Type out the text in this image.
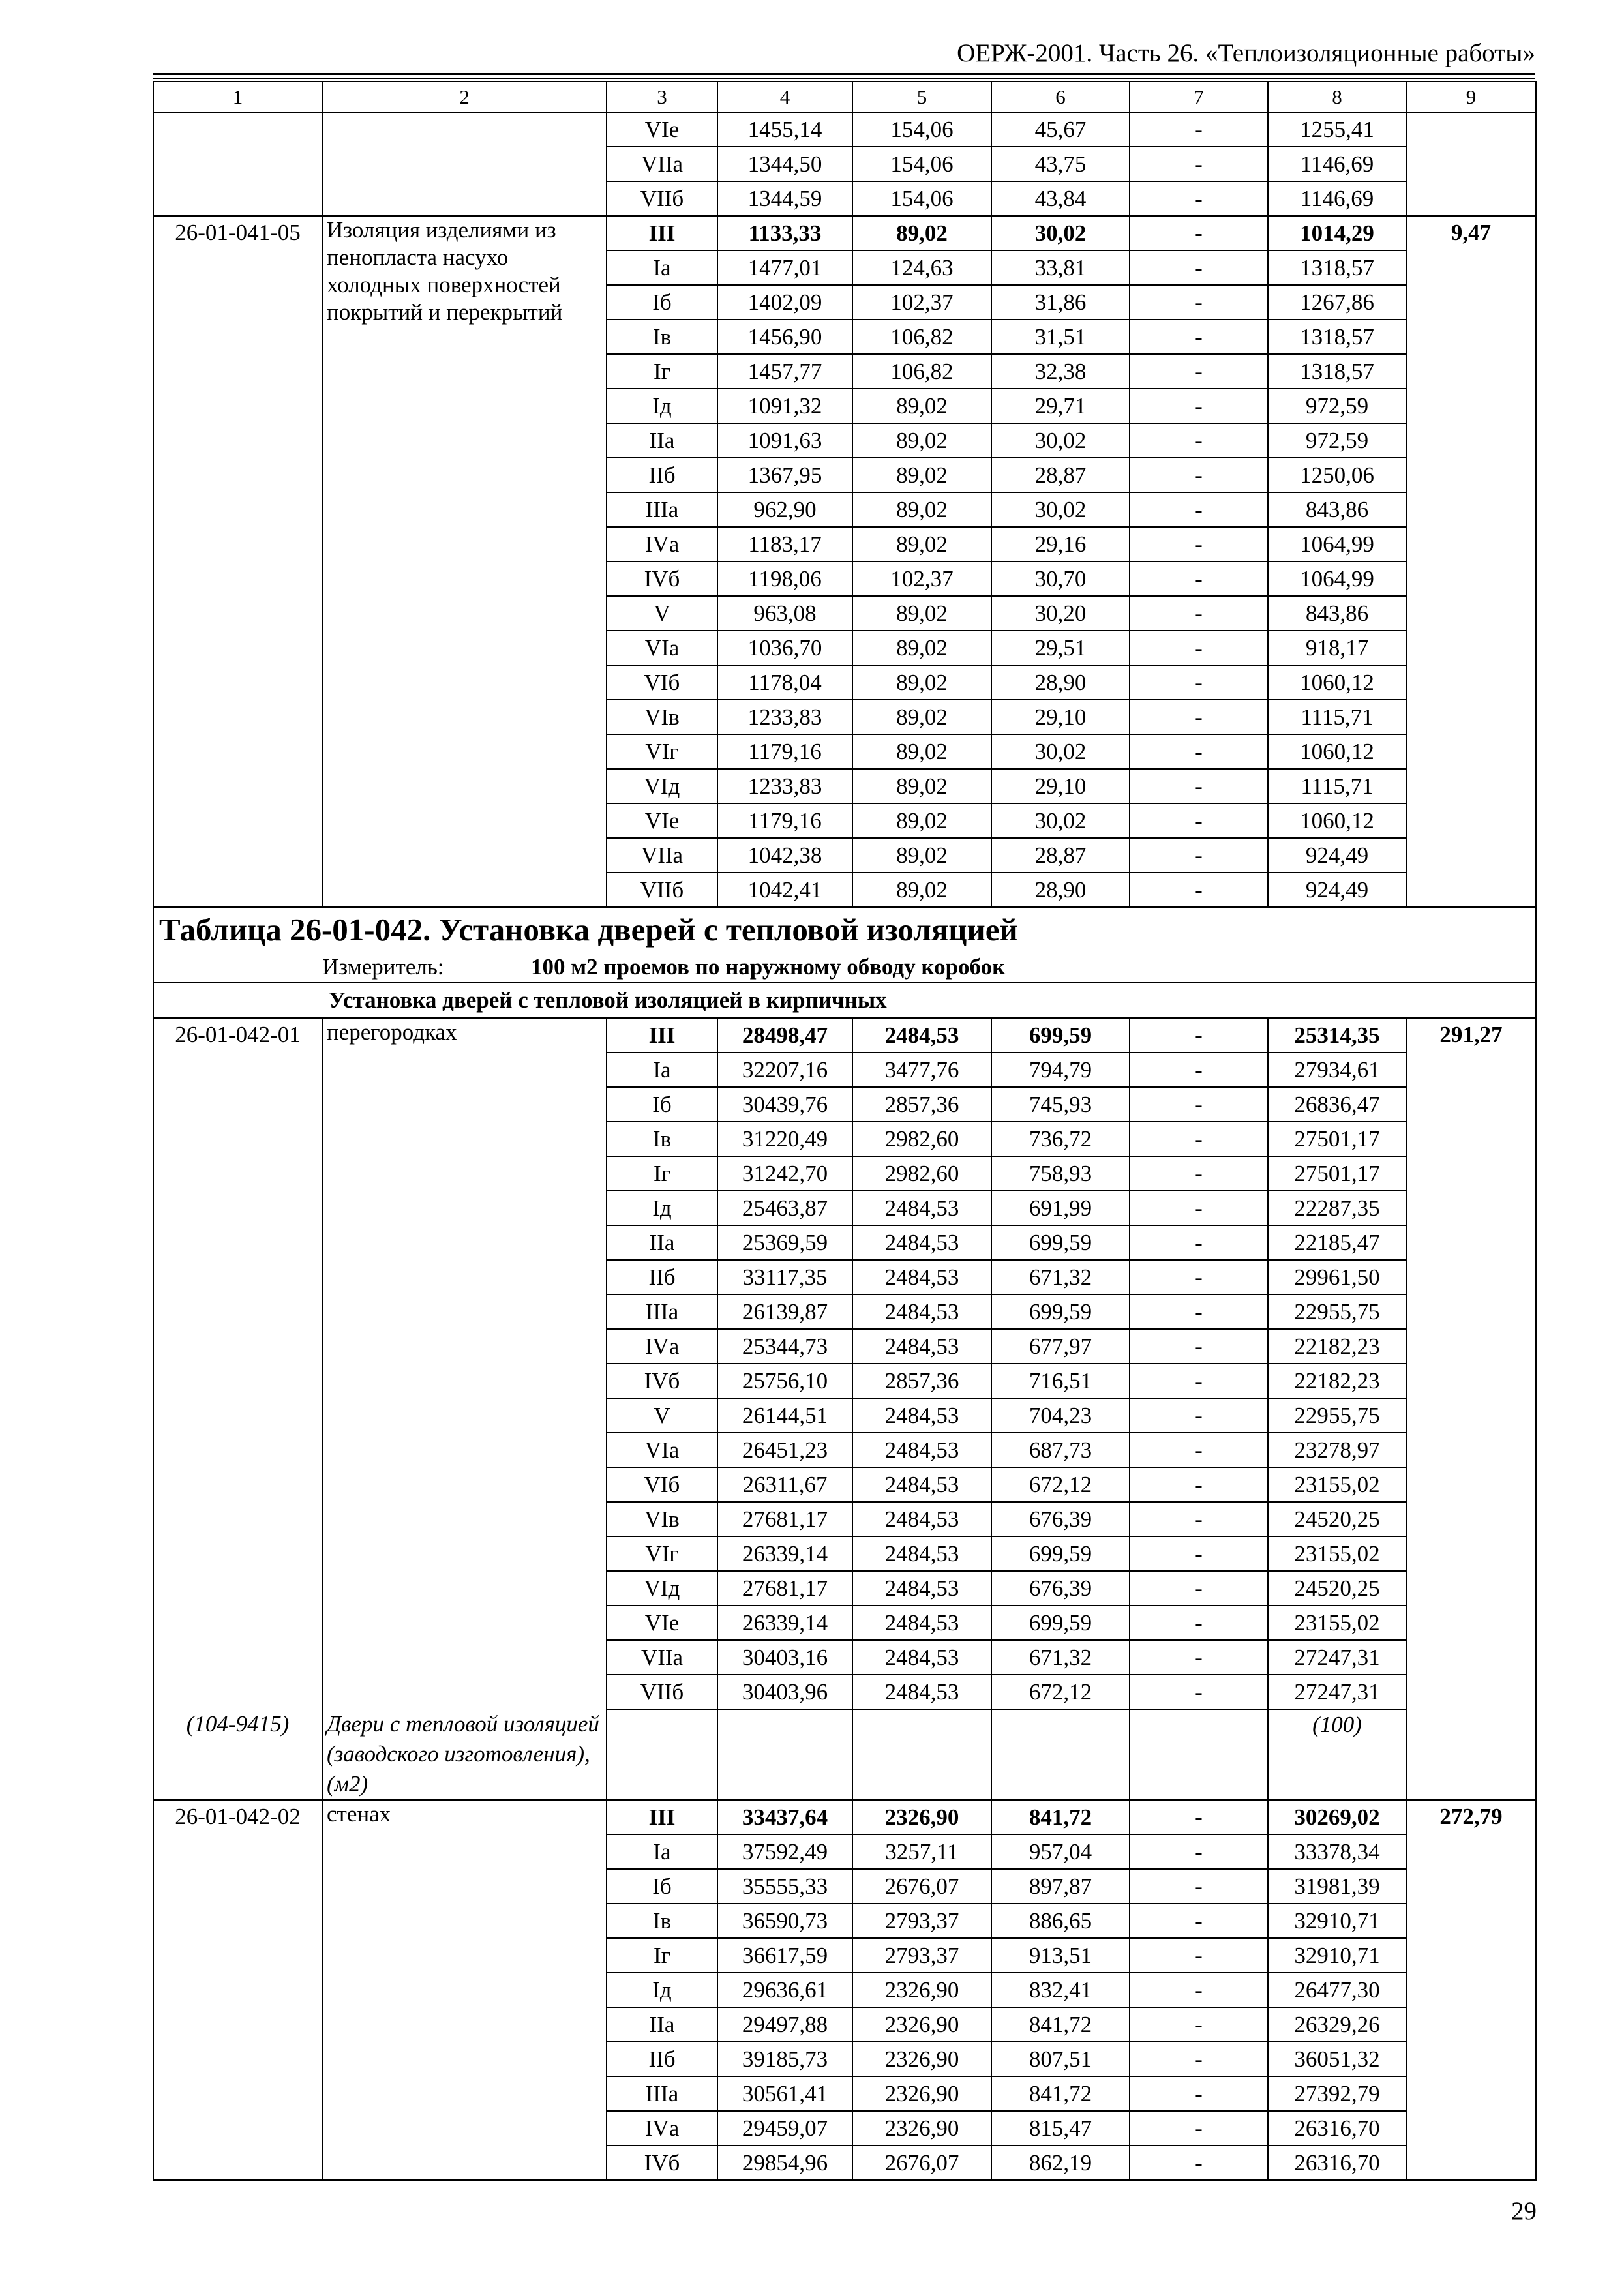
ОЕРЖ-2001. Часть 26. «Теплоизоляционные работы»
1	2	3	4	5	6	7	8	9
		VIе	1455,14	154,06	45,67	-	1255,41	
		VIIа	1344,50	154,06	43,75	-	1146,69	
		VIIб	1344,59	154,06	43,84	-	1146,69	
26-01-041-05	Изоляция изделиями из пенопласта насухо холодных поверхностей покрытий и перекрытий	III	1133,33	89,02	30,02	-	1014,29	9,47
		Iа	1477,01	124,63	33,81	-	1318,57	
		Iб	1402,09	102,37	31,86	-	1267,86	
		Iв	1456,90	106,82	31,51	-	1318,57	
		Iг	1457,77	106,82	32,38	-	1318,57	
		Iд	1091,32	89,02	29,71	-	972,59	
		IIа	1091,63	89,02	30,02	-	972,59	
		IIб	1367,95	89,02	28,87	-	1250,06	
		IIIа	962,90	89,02	30,02	-	843,86	
		IVа	1183,17	89,02	29,16	-	1064,99	
		IVб	1198,06	102,37	30,70	-	1064,99	
		V	963,08	89,02	30,20	-	843,86	
		VIа	1036,70	89,02	29,51	-	918,17	
		VIб	1178,04	89,02	28,90	-	1060,12	
		VIв	1233,83	89,02	29,10	-	1115,71	
		VIг	1179,16	89,02	30,02	-	1060,12	
		VIд	1233,83	89,02	29,10	-	1115,71	
		VIе	1179,16	89,02	30,02	-	1060,12	
		VIIа	1042,38	89,02	28,87	-	924,49	
		VIIб	1042,41	89,02	28,90	-	924,49	
Таблица 26-01-042. Установка дверей с тепловой изоляцией								
Измеритель: 100 м2 проемов по наружному обводу коробок								
Установка дверей с тепловой изоляцией в кирпичных								
26-01-042-01	перегородках	III	28498,47	2484,53	699,59	-	25314,35	291,27
		Iа	32207,16	3477,76	794,79	-	27934,61	
		Iб	30439,76	2857,36	745,93	-	26836,47	
		Iв	31220,49	2982,60	736,72	-	27501,17	
		Iг	31242,70	2982,60	758,93	-	27501,17	
		Iд	25463,87	2484,53	691,99	-	22287,35	
		IIа	25369,59	2484,53	699,59	-	22185,47	
		IIб	33117,35	2484,53	671,32	-	29961,50	
		IIIа	26139,87	2484,53	699,59	-	22955,75	
		IVа	25344,73	2484,53	677,97	-	22182,23	
		IVб	25756,10	2857,36	716,51	-	22182,23	
		V	26144,51	2484,53	704,23	-	22955,75	
		VIа	26451,23	2484,53	687,73	-	23278,97	
		VIб	26311,67	2484,53	672,12	-	23155,02	
		VIв	27681,17	2484,53	676,39	-	24520,25	
		VIг	26339,14	2484,53	699,59	-	23155,02	
		VIд	27681,17	2484,53	676,39	-	24520,25	
		VIе	26339,14	2484,53	699,59	-	23155,02	
		VIIа	30403,16	2484,53	671,32	-	27247,31	
		VIIб	30403,96	2484,53	672,12	-	27247,31	
(104-9415)	Двери с тепловой изоляцией (заводского изготовления), (м2)						(100)	
26-01-042-02	стенах	III	33437,64	2326,90	841,72	-	30269,02	272,79
		Iа	37592,49	3257,11	957,04	-	33378,34	
		Iб	35555,33	2676,07	897,87	-	31981,39	
		Iв	36590,73	2793,37	886,65	-	32910,71	
		Iг	36617,59	2793,37	913,51	-	32910,71	
		Iд	29636,61	2326,90	832,41	-	26477,30	
		IIа	29497,88	2326,90	841,72	-	26329,26	
		IIб	39185,73	2326,90	807,51	-	36051,32	
		IIIа	30561,41	2326,90	841,72	-	27392,79	
		IVа	29459,07	2326,90	815,47	-	26316,70	
		IVб	29854,96	2676,07	862,19	-	26316,70	
29
